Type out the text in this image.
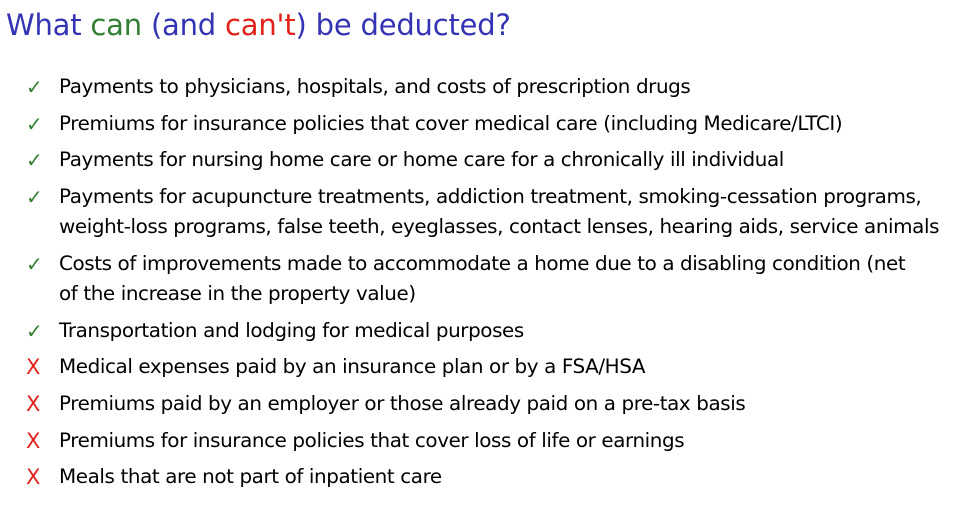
What can (and can't) be deducted?
✓ Payments to physicians, hospitals, and costs of prescription drugs
✓ Premiums for insurance policies that cover medical care (including Medicare/LTCI)
✓ Payments for nursing home care or home care for a chronically ill individual
✓ Payments for acupuncture treatments, addiction treatment, smoking-cessation programs,
weight-loss programs, false teeth, eyeglasses, contact lenses, hearing aids, service animals
✓ Costs of improvements made to accommodate a home due to a disabling condition (net
of the increase in the property value)
✓ Transportation and lodging for medical purposes
X Medical expenses paid by an insurance plan or by a FSA/HSA
X Premiums paid by an employer or those already paid on a pre-tax basis
X Premiums for insurance policies that cover loss of life or earnings
X Meals that are not part of inpatient care
